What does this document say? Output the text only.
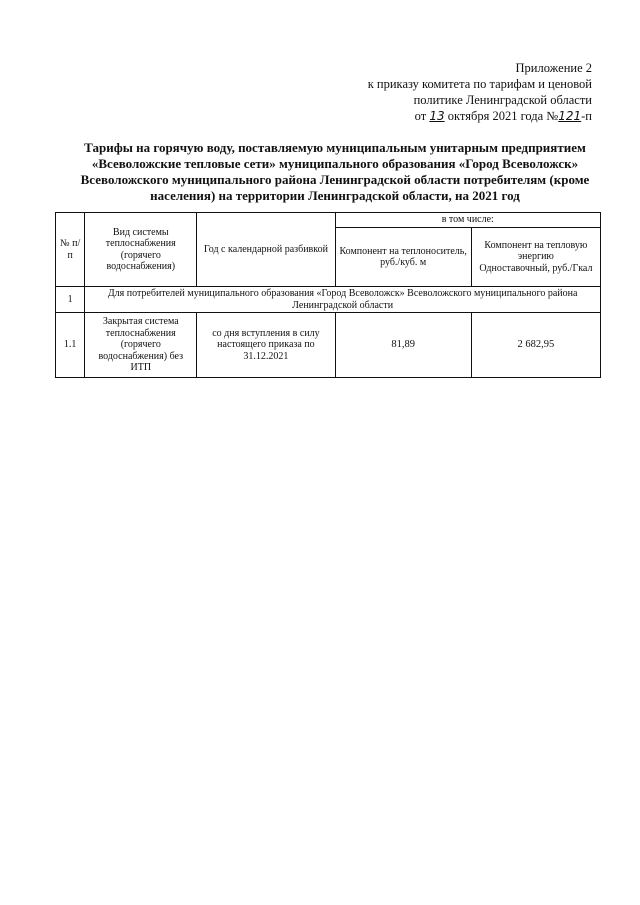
Приложение 2
к приказу комитета по тарифам и ценовой
политике Ленинградской области
от 13 октября 2021 года №121-п
Тарифы на горячую воду, поставляемую муниципальным унитарным предприятием
«Всеволожские тепловые сети» муниципального образования «Город Всеволожск»
Всеволожского муниципального района Ленинградской области потребителям (кроме
населения) на территории Ленинградской области, на 2021 год
№ п/п	Вид системы теплоснабжения (горячего водоснабжения)	Год с календарной разбивкой	в том числе:	
			Компонент на теплоноситель, руб./куб. м	Компонент на тепловую энергию
Одноставочный, руб./Гкал

1	Для потребителей муниципального образования «Город Всеволожск» Всеволожского муниципального района Ленинградской области			
1.1	Закрытая система теплоснабжения (горячего водоснабжения) без ИТП	со дня вступления в силу настоящего приказа по 31.12.2021	81,89	2 682,95
